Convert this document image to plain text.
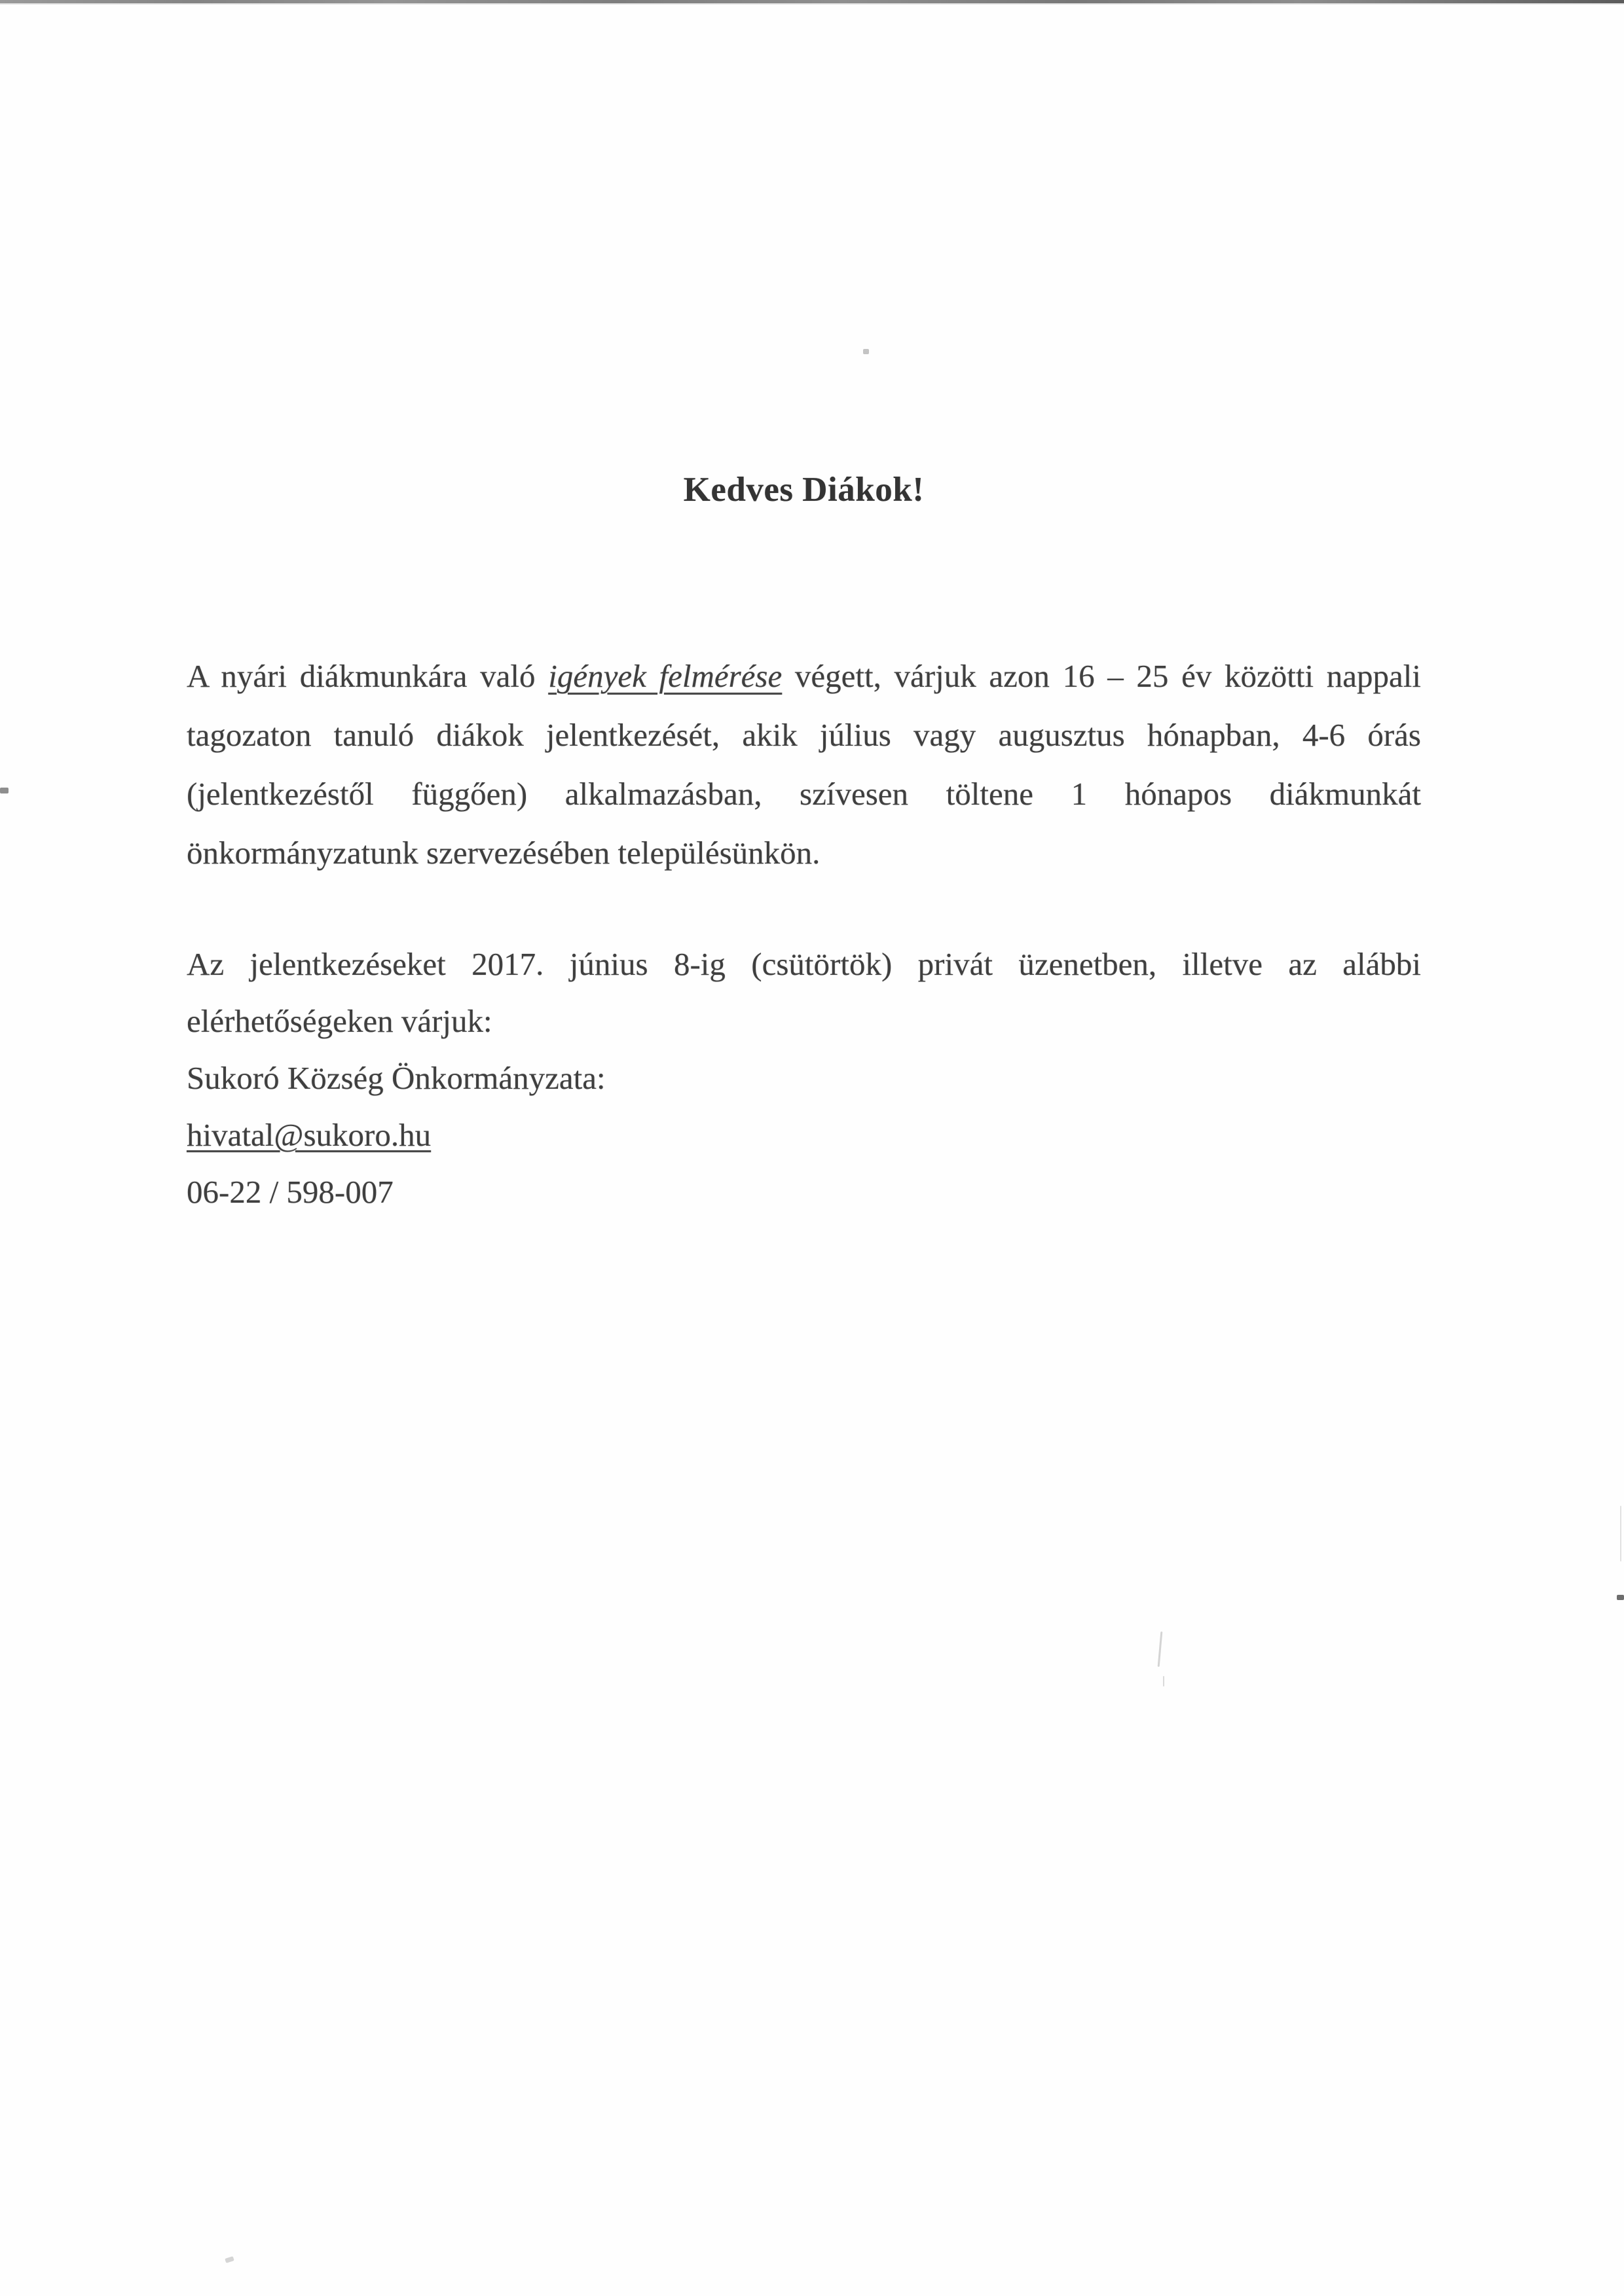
Kedves Diákok!
A nyári diákmunkára való igények felmérése végett, várjuk azon 16 – 25 év közötti nappali
tagozaton tanuló diákok jelentkezését, akik július vagy augusztus hónapban, 4-6 órás
(jelentkezéstől függően) alkalmazásban, szívesen töltene 1 hónapos diákmunkát
önkormányzatunk szervezésében településünkön.
Az jelentkezéseket 2017. június 8-ig (csütörtök) privát üzenetben, illetve az alábbi
elérhetőségeken várjuk:
Sukoró Község Önkormányzata:
hivatal@sukoro.hu
06-22 / 598-007
